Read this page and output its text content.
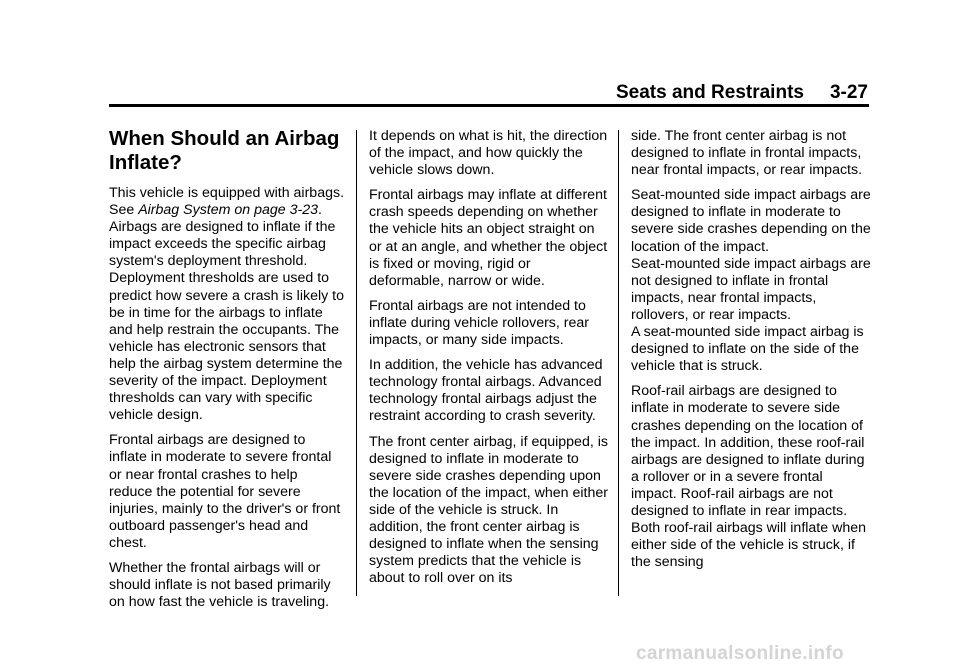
Seats and Restraints 3-27
When Should an Airbag Inflate?

This vehicle is equipped with airbags. See Airbag System on page 3-23. Airbags are designed to inflate if the impact exceeds the specific airbag system's deployment threshold. Deployment thresholds are used to predict how severe a crash is likely to be in time for the airbags to inflate and help restrain the occupants. The vehicle has electronic sensors that help the airbag system determine the severity of the impact. Deployment thresholds can vary with specific vehicle design.

Frontal airbags are designed to inflate in moderate to severe frontal or near frontal crashes to help reduce the potential for severe injuries, mainly to the driver's or front outboard passenger's head and chest.

Whether the frontal airbags will or should inflate is not based primarily on how fast the vehicle is traveling.

It depends on what is hit, the direction of the impact, and how quickly the vehicle slows down.

Frontal airbags may inflate at different crash speeds depending on whether the vehicle hits an object straight on or at an angle, and whether the object is fixed or moving, rigid or deformable, narrow or wide.

Frontal airbags are not intended to inflate during vehicle rollovers, rear impacts, or many side impacts.

In addition, the vehicle has advanced technology frontal airbags. Advanced technology frontal airbags adjust the restraint according to crash severity.

The front center airbag, if equipped, is designed to inflate in moderate to severe side crashes depending upon the location of the impact, when either side of the vehicle is struck. In addition, the front center airbag is designed to inflate when the sensing system predicts that the vehicle is about to roll over on its

side. The front center airbag is not designed to inflate in frontal impacts, near frontal impacts, or rear impacts.

Seat-mounted side impact airbags are designed to inflate in moderate to severe side crashes depending on the location of the impact.

Seat-mounted side impact airbags are not designed to inflate in frontal impacts, near frontal impacts, rollovers, or rear impacts.

A seat-mounted side impact airbag is designed to inflate on the side of the vehicle that is struck.

Roof-rail airbags are designed to inflate in moderate to severe side crashes depending on the location of the impact. In addition, these roof-rail airbags are designed to inflate during a rollover or in a severe frontal impact. Roof-rail airbags are not designed to inflate in rear impacts. Both roof-rail airbags will inflate when either side of the vehicle is struck, if the sensing

carmanualsonline.info
